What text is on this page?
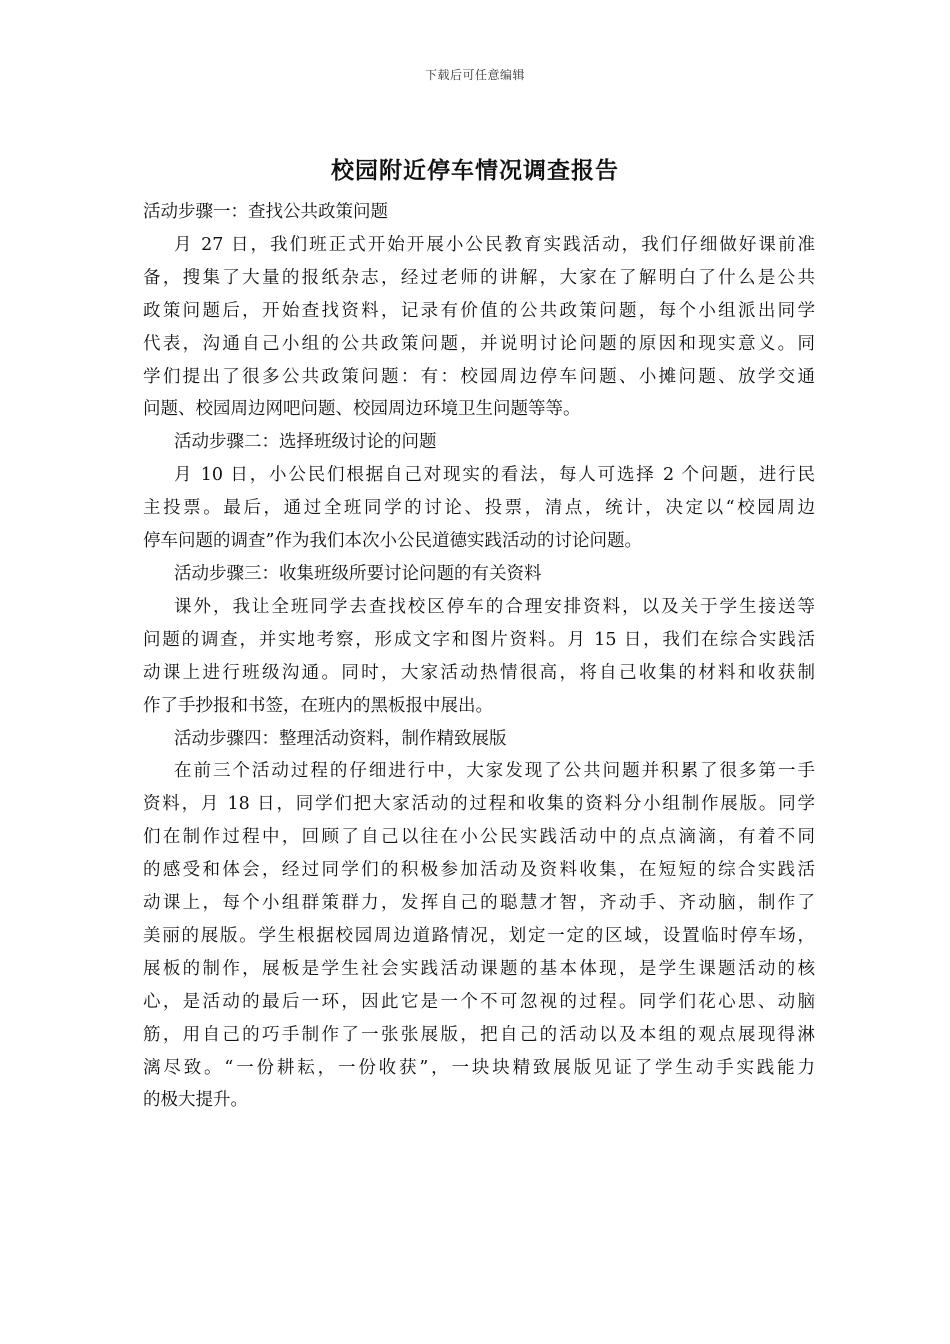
下载后可任意编辑
校园附近停车情况调查报告
活动步骤一：查找公共政策问题
月 27 日，我们班正式开始开展小公民教育实践活动，我们仔细做好课前准
备，搜集了大量的报纸杂志，经过老师的讲解，大家在了解明白了什么是公共
政策问题后，开始查找资料，记录有价值的公共政策问题，每个小组派出同学
代表，沟通自己小组的公共政策问题，并说明讨论问题的原因和现实意义。同
学们提出了很多公共政策问题：有：校园周边停车问题、小摊问题、放学交通
问题、校园周边网吧问题、校园周边环境卫生问题等等。
活动步骤二：选择班级讨论的问题
月 10 日，小公民们根据自己对现实的看法，每人可选择 2 个问题，进行民
主投票。最后，通过全班同学的讨论、投票，清点，统计，决定以“校园周边
停车问题的调查”作为我们本次小公民道德实践活动的讨论问题。
活动步骤三：收集班级所要讨论问题的有关资料
课外，我让全班同学去查找校区停车的合理安排资料，以及关于学生接送等
问题的调查，并实地考察，形成文字和图片资料。月 15 日，我们在综合实践活
动课上进行班级沟通。同时，大家活动热情很高，将自己收集的材料和收获制
作了手抄报和书签，在班内的黑板报中展出。
活动步骤四：整理活动资料，制作精致展版
在前三个活动过程的仔细进行中，大家发现了公共问题并积累了很多第一手
资料，月 18 日，同学们把大家活动的过程和收集的资料分小组制作展版。同学
们在制作过程中，回顾了自己以往在小公民实践活动中的点点滴滴，有着不同
的感受和体会，经过同学们的积极参加活动及资料收集，在短短的综合实践活
动课上，每个小组群策群力，发挥自己的聪慧才智，齐动手、齐动脑，制作了
美丽的展版。学生根据校园周边道路情况，划定一定的区域，设置临时停车场，
展板的制作，展板是学生社会实践活动课题的基本体现，是学生课题活动的核
心，是活动的最后一环，因此它是一个不可忽视的过程。同学们花心思、动脑
筋，用自己的巧手制作了一张张展版，把自己的活动以及本组的观点展现得淋
漓尽致。“一份耕耘，一份收获”，一块块精致展版见证了学生动手实践能力
的极大提升。
